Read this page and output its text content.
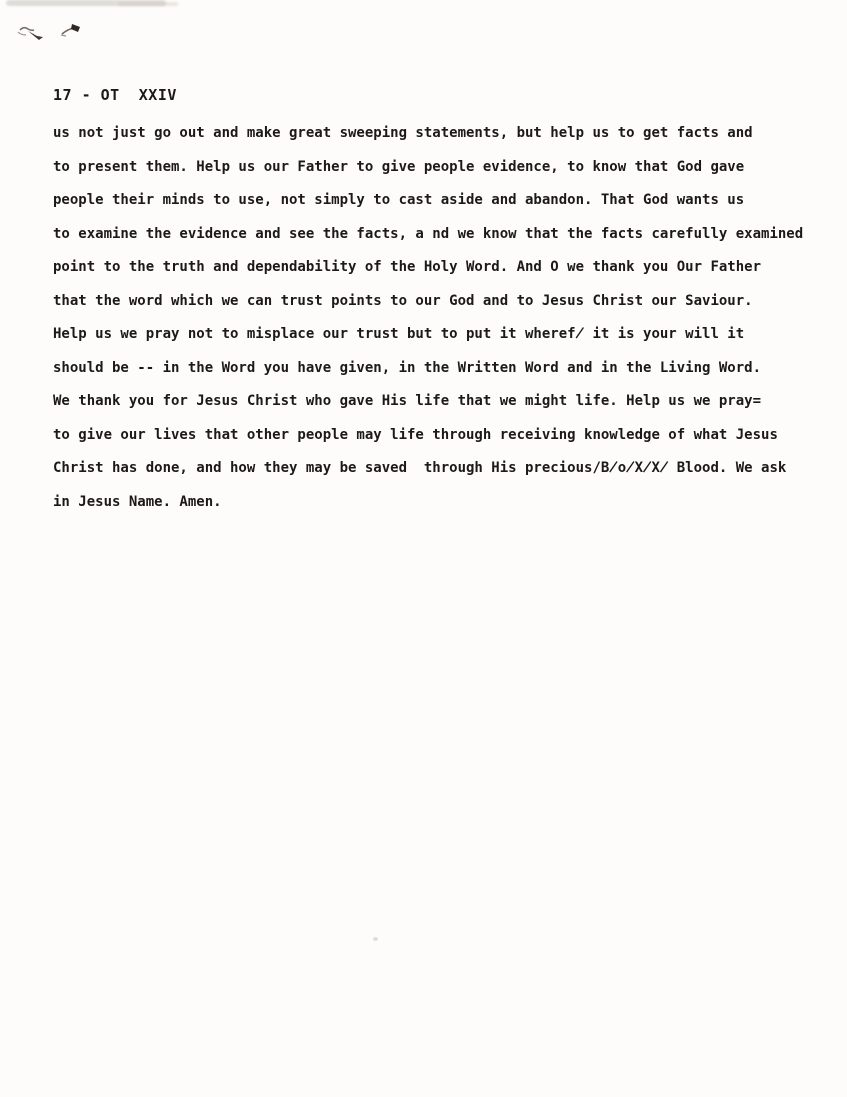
17 - OT  XXIV
us not just go out and make great sweeping statements, but help us to get facts and
to present them. Help us our Father to give people evidence, to know that God gave
people their minds to use, not simply to cast aside and abandon. That God wants us
to examine the evidence and see the facts, a nd we know that the facts carefully examined
point to the truth and dependability of the Holy Word. And O we thank you Our Father
that the word which we can trust points to our God and to Jesus Christ our Saviour.
Help us we pray not to misplace our trust but to put it wheref̸ it is your will it
should be -- in the Word you have given, in the Written Word and in the Living Word.
We thank you for Jesus Christ who gave His life that we might life. Help us we pray=
to give our lives that other people may life through receiving knowledge of what Jesus
Christ has done, and how they may be saved  through His precious/B̸o̸X̸X̸ Blood. We ask
in Jesus Name. Amen.
